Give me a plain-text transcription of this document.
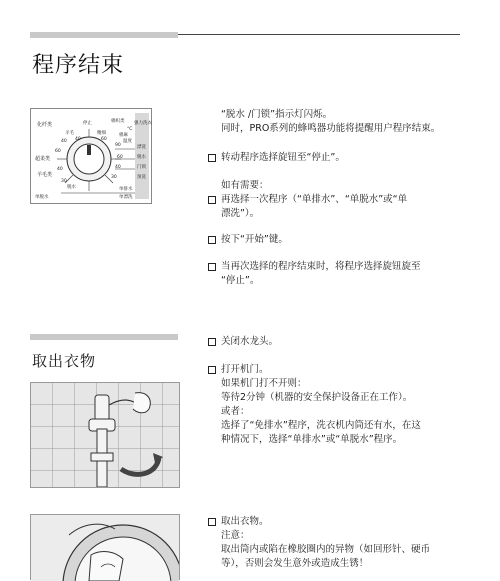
程序结束
化纤类
羊毛
停止	棉织类 强力洗衣
精细	棉麻
°C
温度
超柔类
羊毛类
脱水
单脱水
单排水
单漂洗
漂洗
脱水
门锁
预洗
40
60
90
60
40
30
40
60
40
30
“脱水 /门锁”指示灯闪烁。
同时，PRO系列的蜂鸣器功能将提醒用户程序结束。
转动程序选择旋钮至“停止”。
如有需要：
再选择一次程序（“单排水”、“单脱水”或“单
漂洗”）。
按下“开始”键。
当再次选择的程序结束时，将程序选择旋钮旋至
“停止”。
取出衣物
关闭水龙头。
打开机门。
如果机门打不开则：
等待2分钟（机器的安全保护设备正在工作）。
或者：
选择了“免排水”程序，洗衣机内筒还有水，在这
种情况下，选择“单排水”或“单脱水”程序。
取出衣物。
注意：
取出筒内或陷在橡胶圈内的异物（如回形针、硬币
等），否则会发生意外或造成生锈！
